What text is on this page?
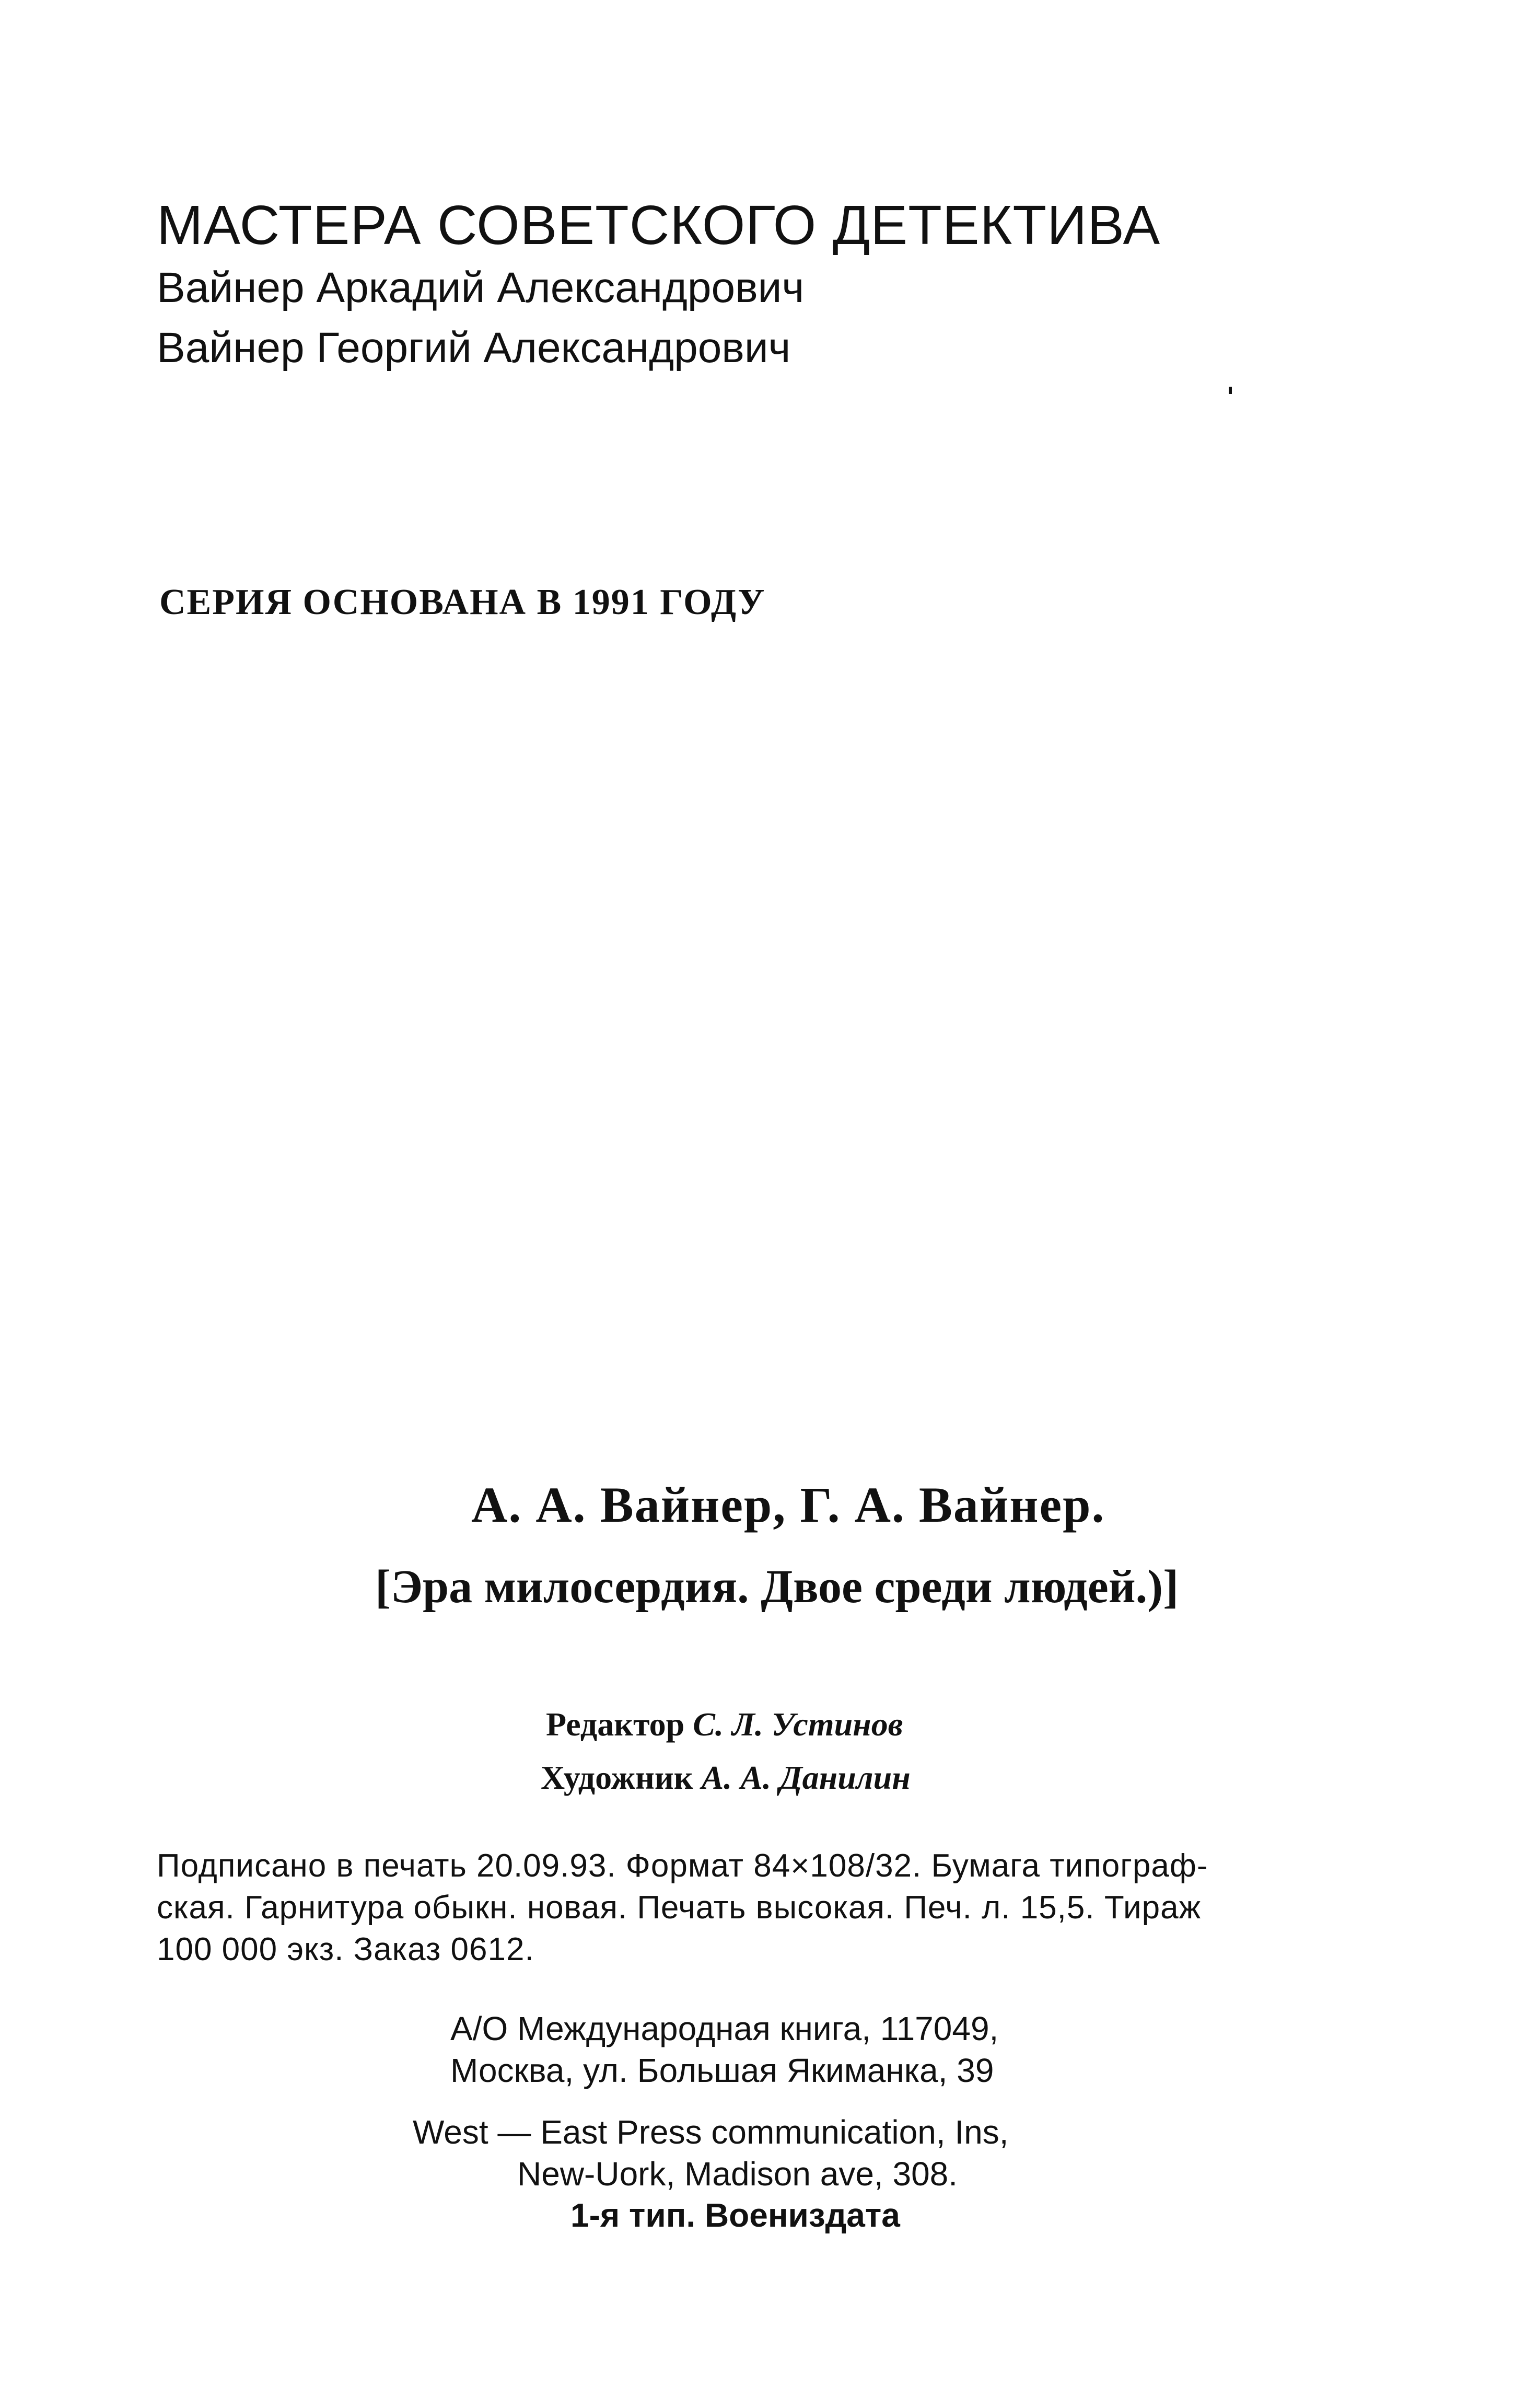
МАСТЕРА СОВЕТСКОГО ДЕТЕКТИВА
Вайнер Аркадий Александрович
Вайнер Георгий Александрович
СЕРИЯ ОСНОВАНА В 1991 ГОДУ
А. А. Вайнер, Г. А. Вайнер.
[Эра милосердия. Двое среди людей.)]
Редактор С. Л. Устинов
Художник А. А. Данилин
Подписано в печать 20.09.93. Формат 84×108/32. Бумага типограф-
ская. Гарнитура обыкн. новая. Печать высокая. Печ. л. 15,5. Тираж
100 000 экз. Заказ 0612.
А/О Международная книга, 117049,
Москва, ул. Большая Якиманка, 39
West — East Press communication, Ins,
New-Uork, Madison ave, 308.
1-я тип. Воениздата
